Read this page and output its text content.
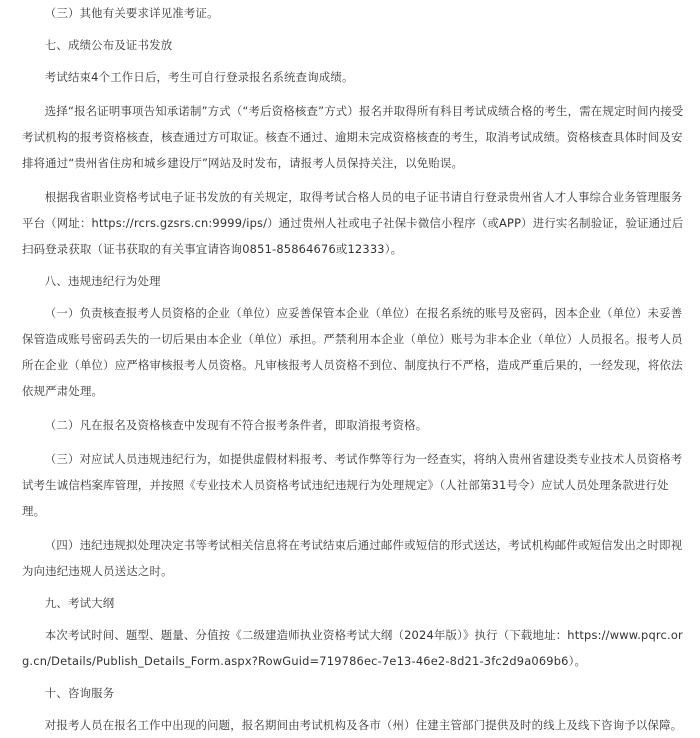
（三）其他有关要求详见准考证。

七、成绩公布及证书发放

考试结束4个工作日后，考生可自行登录报名系统查询成绩。

选择“报名证明事项告知承诺制”方式（“考后资格核查”方式）报名并取得所有科目考试成绩合格的考生，需在规定时间内接受考试机构的报考资格核查，核查通过方可取证。核查不通过、逾期未完成资格核查的考生，取消考试成绩。资格核查具体时间及安排将通过“贵州省住房和城乡建设厅”网站及时发布，请报考人员保持关注，以免贻误。

根据我省职业资格考试电子证书发放的有关规定，取得考试合格人员的电子证书请自行登录贵州省人才人事综合业务管理服务平台（网址：https://rcrs.gzsrs.cn:9999/ips/）通过贵州人社或电子社保卡微信小程序（或APP）进行实名制验证，验证通过后扫码登录获取（证书获取的有关事宜请咨询0851-85864676或12333）。

八、违规违纪行为处理

（一）负责核查报考人员资格的企业（单位）应妥善保管本企业（单位）在报名系统的账号及密码，因本企业（单位）未妥善保管造成账号密码丢失的一切后果由本企业（单位）承担。严禁利用本企业（单位）账号为非本企业（单位）人员报名。报考人员所在企业（单位）应严格审核报考人员资格。凡审核报考人员资格不到位、制度执行不严格，造成严重后果的，一经发现，将依法依规严肃处理。

（二）凡在报名及资格核查中发现有不符合报考条件者，即取消报考资格。

（三）对应试人员违规违纪行为，如提供虚假材料报考、考试作弊等行为一经查实，将纳入贵州省建设类专业技术人员资格考试考生诚信档案库管理，并按照《专业技术人员资格考试违纪违规行为处理规定》（人社部第31号令）应试人员处理条款进行处理。

（四）违纪违规拟处理决定书等考试相关信息将在考试结束后通过邮件或短信的形式送达，考试机构邮件或短信发出之时即视为向违纪违规人员送达之时。

九、考试大纲

本次考试时间、题型、题量、分值按《二级建造师执业资格考试大纲（2024年版）》执行（下载地址：https://www.pqrc.org.cn/Details/Publish_Details_Form.aspx?RowGuid=719786ec-7e13-46e2-8d21-3fc2d9a069b6）。

十、咨询服务

对报考人员在报名工作中出现的问题，报名期间由考试机构及各市（州）住建主管部门提供及时的线上及线下咨询予以保障。
